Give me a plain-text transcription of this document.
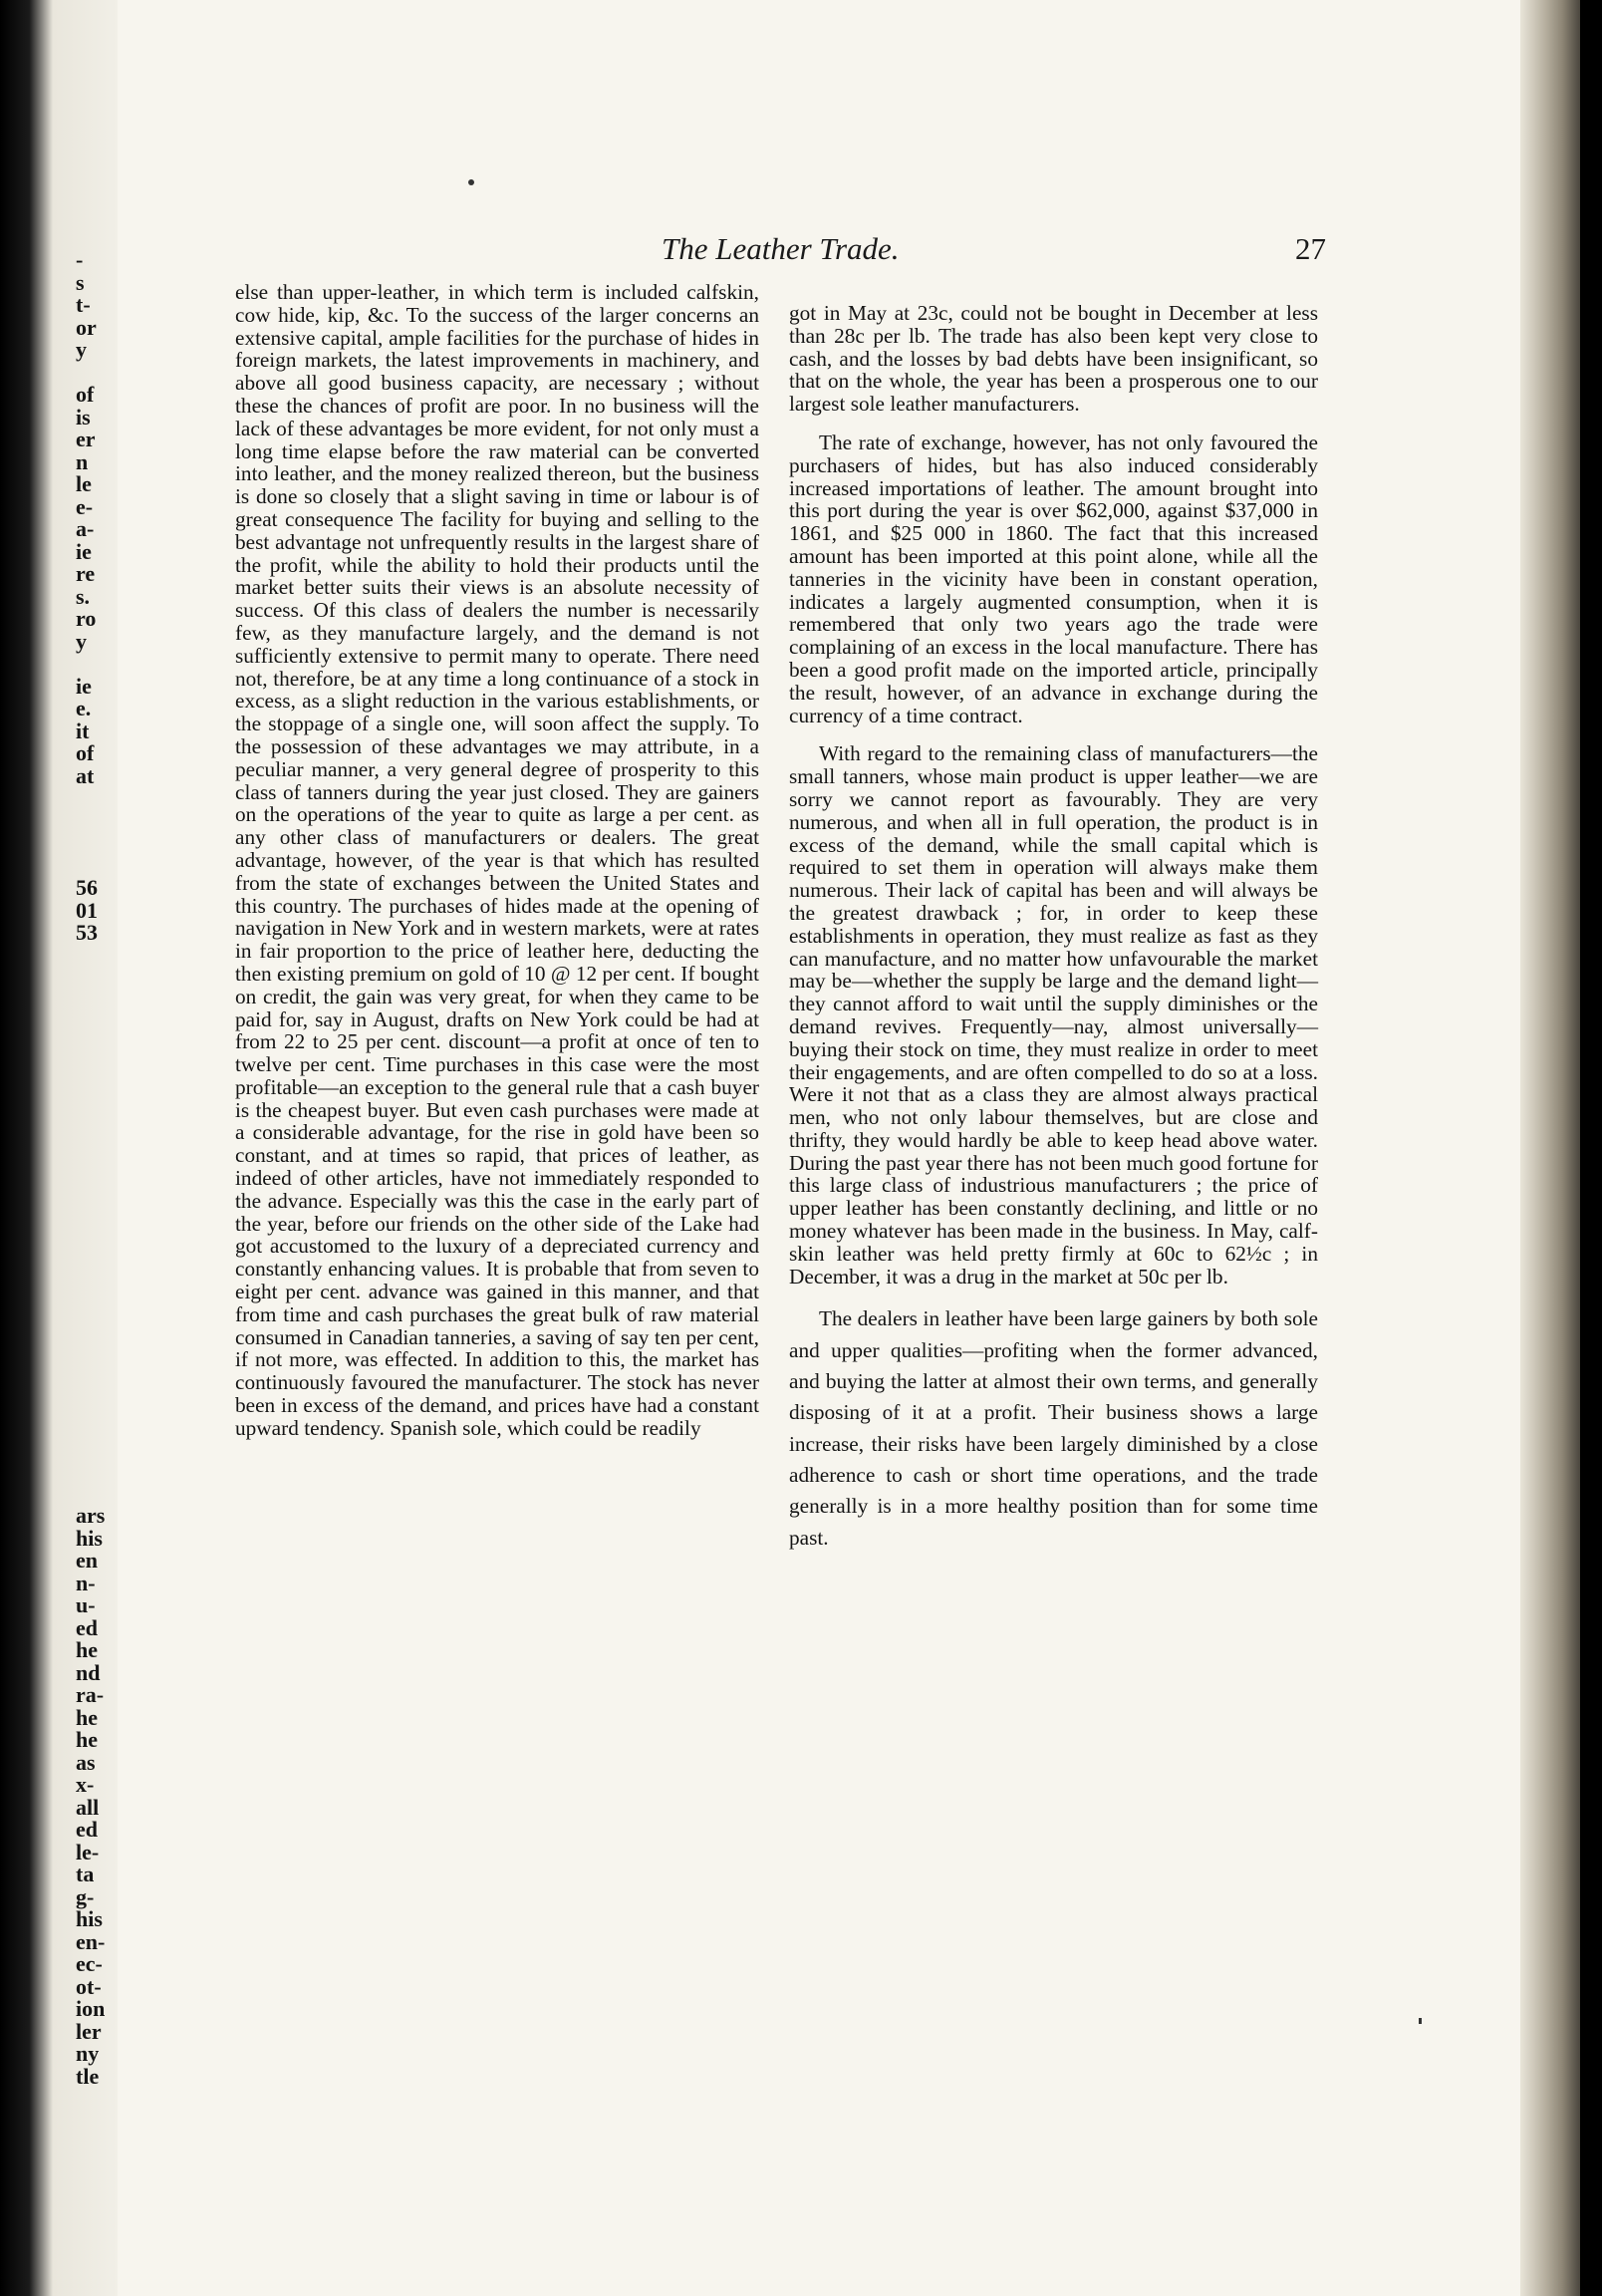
-
s
t-
or
y

of
is
er
n
le
e-
a-
ie
re
s.
ro
y

ie
e.
it
of
at

56
01
53

ars
his
en
n-
u-
ed
he
nd
ra-
he
he
as
x-
all
ed
le-
ta
g-
his
en-
ec-
ot-
ion
ler
ny
tle
The Leather Trade.	27

else than upper-leather, in which term is included calfskin, cow hide, kip, &c. To the success of the larger concerns an extensive capital, ample facilities for the purchase of hides in foreign markets, the latest improvements in machinery, and above all good business capacity, are necessary ; without these the chances of profit are poor. In no business will the lack of these advantages be more evident, for not only must a long time elapse before the raw material can be converted into leather, and the money realized thereon, but the business is done so closely that a slight saving in time or labour is of great consequence The facility for buying and selling to the best advantage not unfrequently results in the largest share of the profit, while the ability to hold their products until the market better suits their views is an absolute necessity of success. Of this class of dealers the number is necessarily few, as they manufacture largely, and the demand is not sufficiently extensive to permit many to operate. There need not, therefore, be at any time a long continuance of a stock in excess, as a slight reduction in the various establishments, or the stoppage of a single one, will soon affect the supply. To the possession of these advantages we may attribute, in a peculiar manner, a very general degree of prosperity to this class of tanners during the year just closed. They are gainers on the operations of the year to quite as large a per cent. as any other class of manufacturers or dealers. The great advantage, however, of the year is that which has resulted from the state of exchanges between the United States and this country. The purchases of hides made at the opening of navigation in New York and in western markets, were at rates in fair proportion to the price of leather here, deducting the then existing premium on gold of 10 @ 12 per cent. If bought on credit, the gain was very great, for when they came to be paid for, say in August, drafts on New York could be had at from 22 to 25 per cent. discount—a profit at once of ten to twelve per cent. Time purchases in this case were the most profitable—an exception to the general rule that a cash buyer is the cheapest buyer. But even cash purchases were made at a considerable advantage, for the rise in gold have been so constant, and at times so rapid, that prices of leather, as indeed of other articles, have not immediately responded to the advance. Especially was this the case in the early part of the year, before our friends on the other side of the Lake had got accustomed to the luxury of a depreciated currency and constantly enhancing values. It is probable that from seven to eight per cent. advance was gained in this manner, and that from time and cash purchases the great bulk of raw material consumed in Canadian tanneries, a saving of say ten per cent, if not more, was effected. In addition to this, the market has continuously favoured the manufacturer. The stock has never been in excess of the demand, and prices have had a constant upward tendency. Spanish sole, which could be readily

got in May at 23c, could not be bought in December at less than 28c per lb. The trade has also been kept very close to cash, and the losses by bad debts have been insignificant, so that on the whole, the year has been a prosperous one to our largest sole leather manufacturers.

The rate of exchange, however, has not only favoured the purchasers of hides, but has also induced considerably increased importations of leather. The amount brought into this port during the year is over $62,000, against $37,000 in 1861, and $25 000 in 1860. The fact that this increased amount has been imported at this point alone, while all the tanneries in the vicinity have been in constant operation, indicates a largely augmented consumption, when it is remembered that only two years ago the trade were complaining of an excess in the local manufacture. There has been a good profit made on the imported article, principally the result, however, of an advance in exchange during the currency of a time contract.

With regard to the remaining class of manufacturers—the small tanners, whose main product is upper leather—we are sorry we cannot report as favourably. They are very numerous, and when all in full operation, the product is in excess of the demand, while the small capital which is required to set them in operation will always make them numerous. Their lack of capital has been and will always be the greatest drawback ; for, in order to keep these establishments in operation, they must realize as fast as they can manufacture, and no matter how unfavourable the market may be—whether the supply be large and the demand light—they cannot afford to wait until the supply diminishes or the demand revives. Frequently—nay, almost universally—buying their stock on time, they must realize in order to meet their engagements, and are often compelled to do so at a loss. Were it not that as a class they are almost always practical men, who not only labour themselves, but are close and thrifty, they would hardly be able to keep head above water. During the past year there has not been much good fortune for this large class of industrious manufacturers ; the price of upper leather has been constantly declining, and little or no money whatever has been made in the business. In May, calf-skin leather was held pretty firmly at 60c to 62½c ; in December, it was a drug in the market at 50c per lb.

The dealers in leather have been large gainers by both sole and upper qualities—profiting when the former advanced, and buying the latter at almost their own terms, and generally disposing of it at a profit. Their business shows a large increase, their risks have been largely diminished by a close adherence to cash or short time operations, and the trade generally is in a more healthy position than for some time past.
